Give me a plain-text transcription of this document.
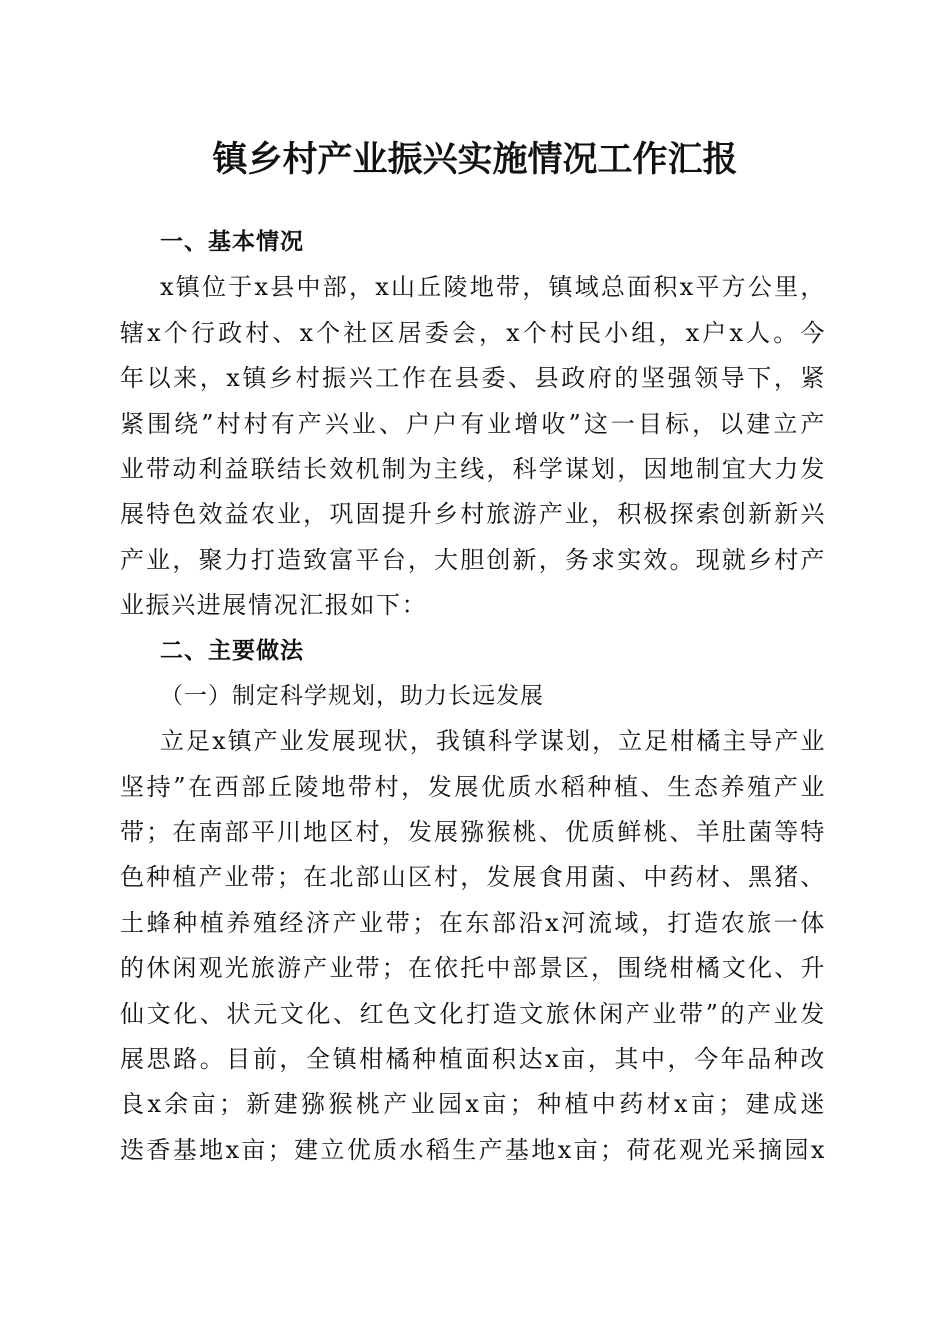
镇乡村产业振兴实施情况工作汇报
一、基本情况
x镇位于x县中部，x山丘陵地带，镇域总面积x平方公里，
辖x个行政村、x个社区居委会，x个村民小组，x户x人。今
年以来，x镇乡村振兴工作在县委、县政府的坚强领导下，紧
紧围绕”村村有产兴业、户户有业增收”这一目标，以建立产
业带动利益联结长效机制为主线，科学谋划，因地制宜大力发
展特色效益农业，巩固提升乡村旅游产业，积极探索创新新兴
产业，聚力打造致富平台，大胆创新，务求实效。现就乡村产
业振兴进展情况汇报如下：
二、主要做法
（一）制定科学规划，助力长远发展
立足x镇产业发展现状，我镇科学谋划，立足柑橘主导产业
坚持”在西部丘陵地带村，发展优质水稻种植、生态养殖产业
带；在南部平川地区村，发展猕猴桃、优质鲜桃、羊肚菌等特
色种植产业带；在北部山区村，发展食用菌、中药材、黑猪、
土蜂种植养殖经济产业带；在东部沿x河流域，打造农旅一体
的休闲观光旅游产业带；在依托中部景区，围绕柑橘文化、升
仙文化、状元文化、红色文化打造文旅休闲产业带”的产业发
展思路。目前，全镇柑橘种植面积达x亩，其中，今年品种改
良x余亩；新建猕猴桃产业园x亩；种植中药材x亩；建成迷
迭香基地x亩；建立优质水稻生产基地x亩；荷花观光采摘园x
